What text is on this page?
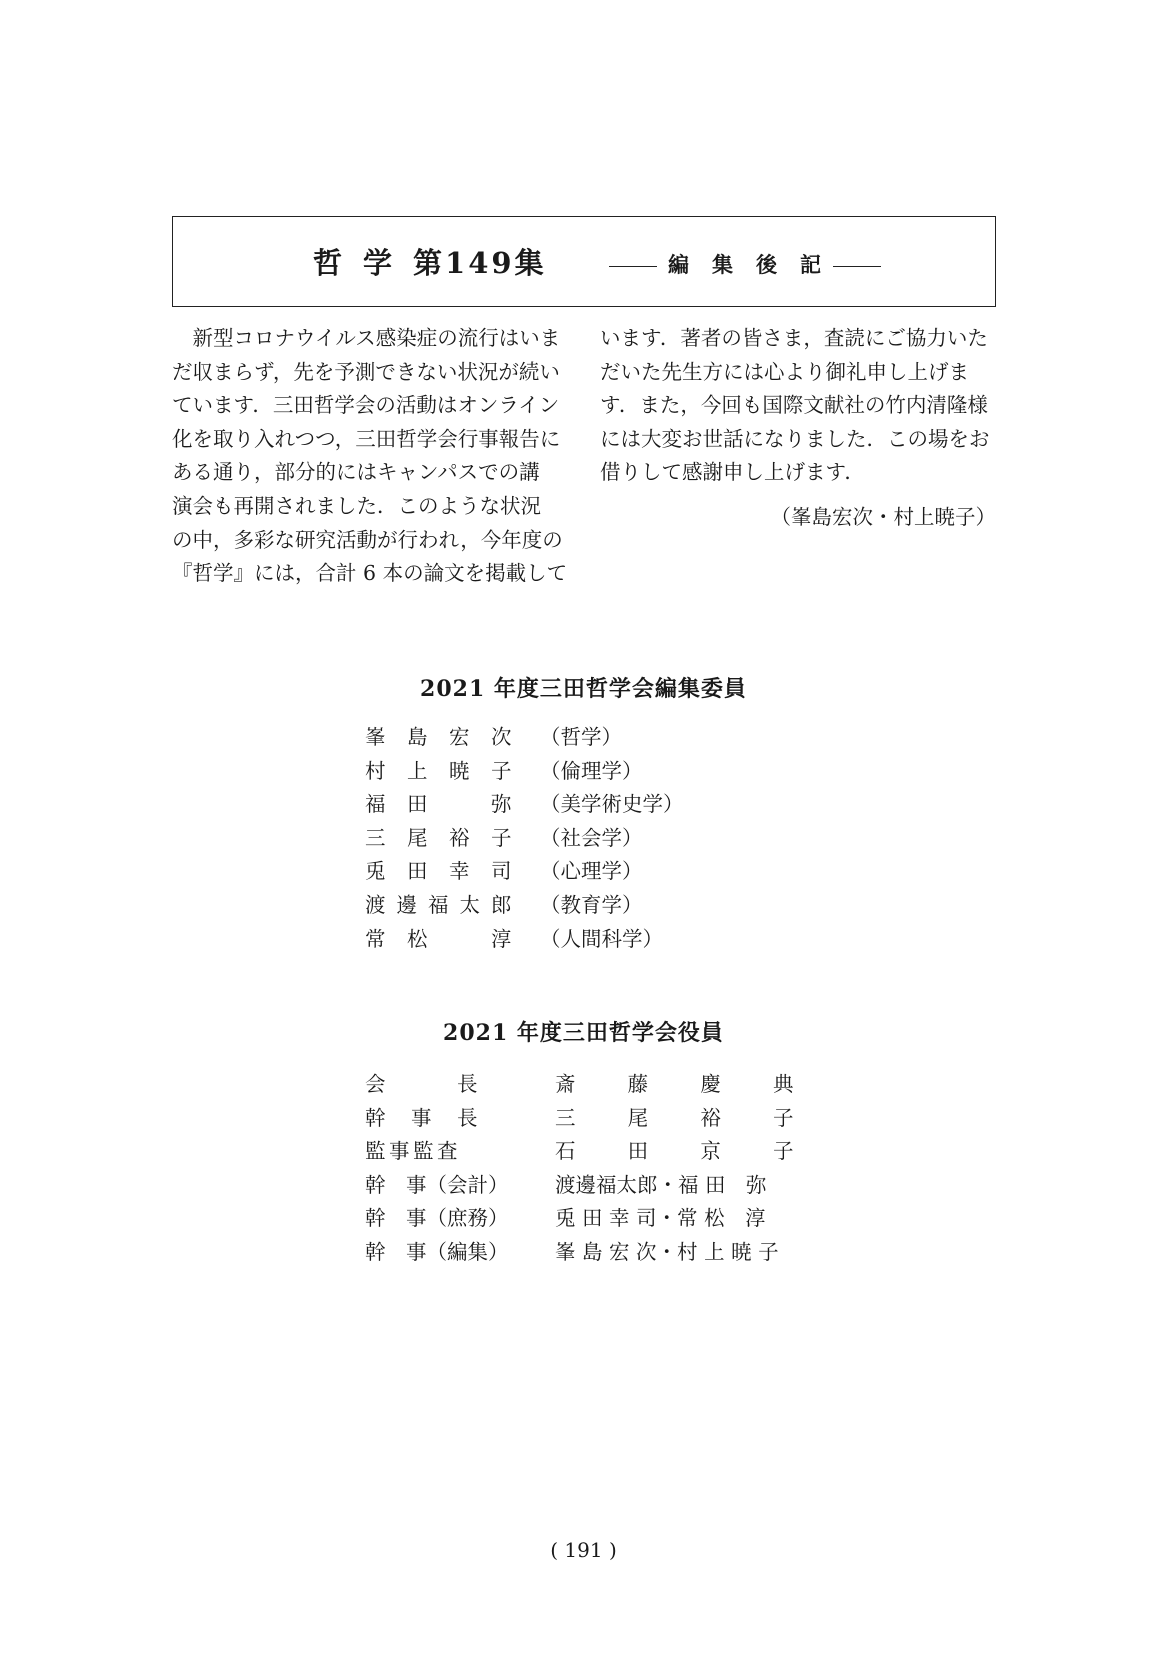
哲 学 第149集	編 集 後 記

　新型コロナウイルス感染症の流行はいま

だ収まらず，先を予測できない状況が続い

ています．三田哲学会の活動はオンライン

化を取り入れつつ，三田哲学会行事報告に

ある通り，部分的にはキャンパスでの講

演会も再開されました．このような状況

の中，多彩な研究活動が行われ，今年度の

『哲学』には，合計 6 本の論文を掲載して

います．著者の皆さま，査読にご協力いた

だいた先生方には心より御礼申し上げま

す．また，今回も国際文献社の竹内清隆様

には大変お世話になりました．この場をお

借りして感謝申し上げます．

（峯島宏次・村上暁子）
2021 年度三田哲学会編集委員
峯 島 宏 次 （哲学）
村 上 暁 子 （倫理学）
福 田	弥 （美学術史学）
三 尾 裕 子 （社会学）
兎 田 幸 司 （心理学）
渡 邊 福 太 郎 （教育学）
常 松	淳 （人間科学）
2021 年度三田哲学会役員
会	長	斎	藤	慶	典
幹 事 長	三	尾	裕	子
監 事 監 査	石	田	京	子
幹　事（会計）	渡邊福太郎・福 田　弥
幹　事（庶務）	兎 田 幸 司・常 松　淳
幹　事（編集）	峯 島 宏 次・村 上 暁 子
( 191 )
